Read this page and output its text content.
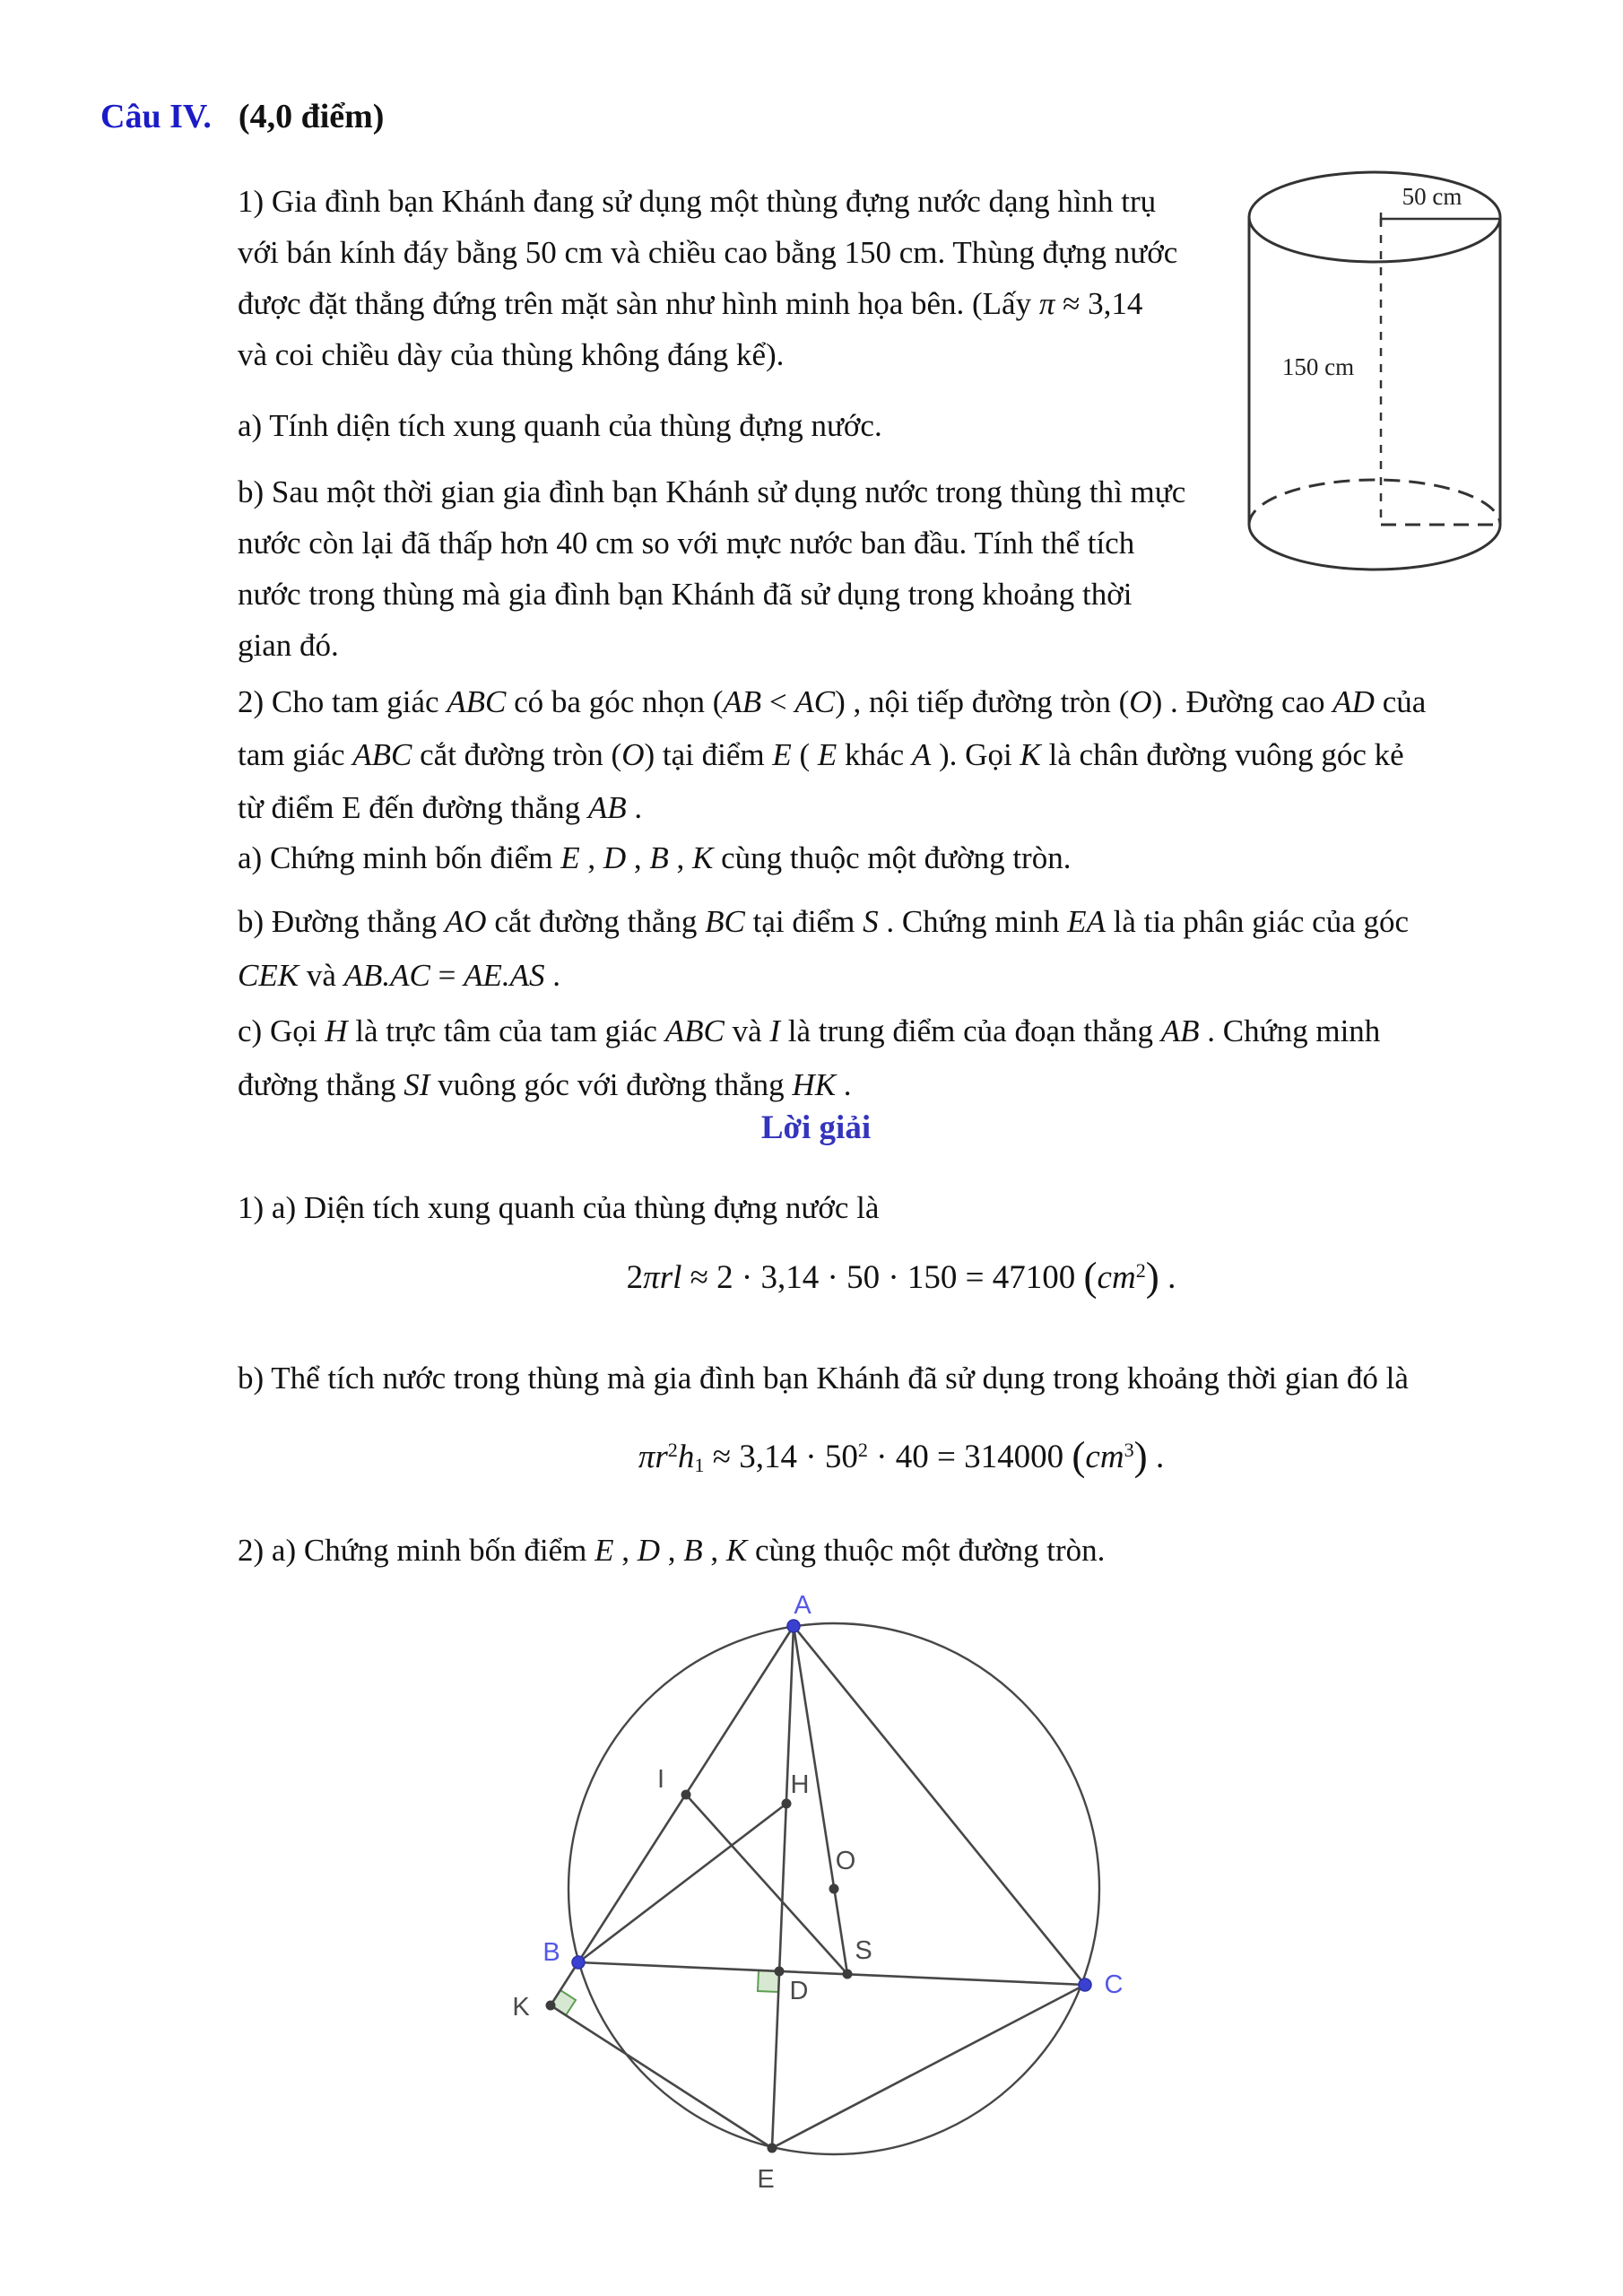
Câu IV. (4,0 điểm)
1) Gia đình bạn Khánh đang sử dụng một thùng đựng nước dạng hình trụ
với bán kính đáy bằng 50 cm và chiều cao bằng 150 cm. Thùng đựng nước
được đặt thẳng đứng trên mặt sàn như hình minh họa bên. (Lấy π ≈ 3,14
và coi chiều dày của thùng không đáng kể).
50 cm
150 cm
a) Tính diện tích xung quanh của thùng đựng nước.
b) Sau một thời gian gia đình bạn Khánh sử dụng nước trong thùng thì mực
nước còn lại đã thấp hơn 40 cm so với mực nước ban đầu. Tính thể tích
nước trong thùng mà gia đình bạn Khánh đã sử dụng trong khoảng thời
gian đó.
2) Cho tam giác ABC có ba góc nhọn (AB < AC) , nội tiếp đường tròn (O) . Đường cao AD của
tam giác ABC cắt đường tròn (O) tại điểm E ( E khác A ). Gọi K là chân đường vuông góc kẻ
từ điểm E đến đường thẳng AB .
a) Chứng minh bốn điểm E , D , B , K cùng thuộc một đường tròn.
b) Đường thẳng AO cắt đường thẳng BC tại điểm S . Chứng minh EA là tia phân giác của góc
CEK và AB.AC = AE.AS .
c) Gọi H là trực tâm của tam giác ABC và I là trung điểm của đoạn thẳng AB . Chứng minh
đường thẳng SI vuông góc với đường thẳng HK .
Lời giải
1) a) Diện tích xung quanh của thùng đựng nước là
2πrl ≈ 2 · 3,14 · 50 · 150 = 47100 $(cm^2)$ .
b) Thể tích nước trong thùng mà gia đình bạn Khánh đã sử dụng trong khoảng thời gian đó là
$\pi r^2h1 \approx 3,14 \cdot 50^2 \cdot 40 = 314000$ $(cm^3)$ .
2) a) Chứng minh bốn điểm E , D , B , K cùng thuộc một đường tròn.
A
B
C
I	H
O
K
D
S
E
